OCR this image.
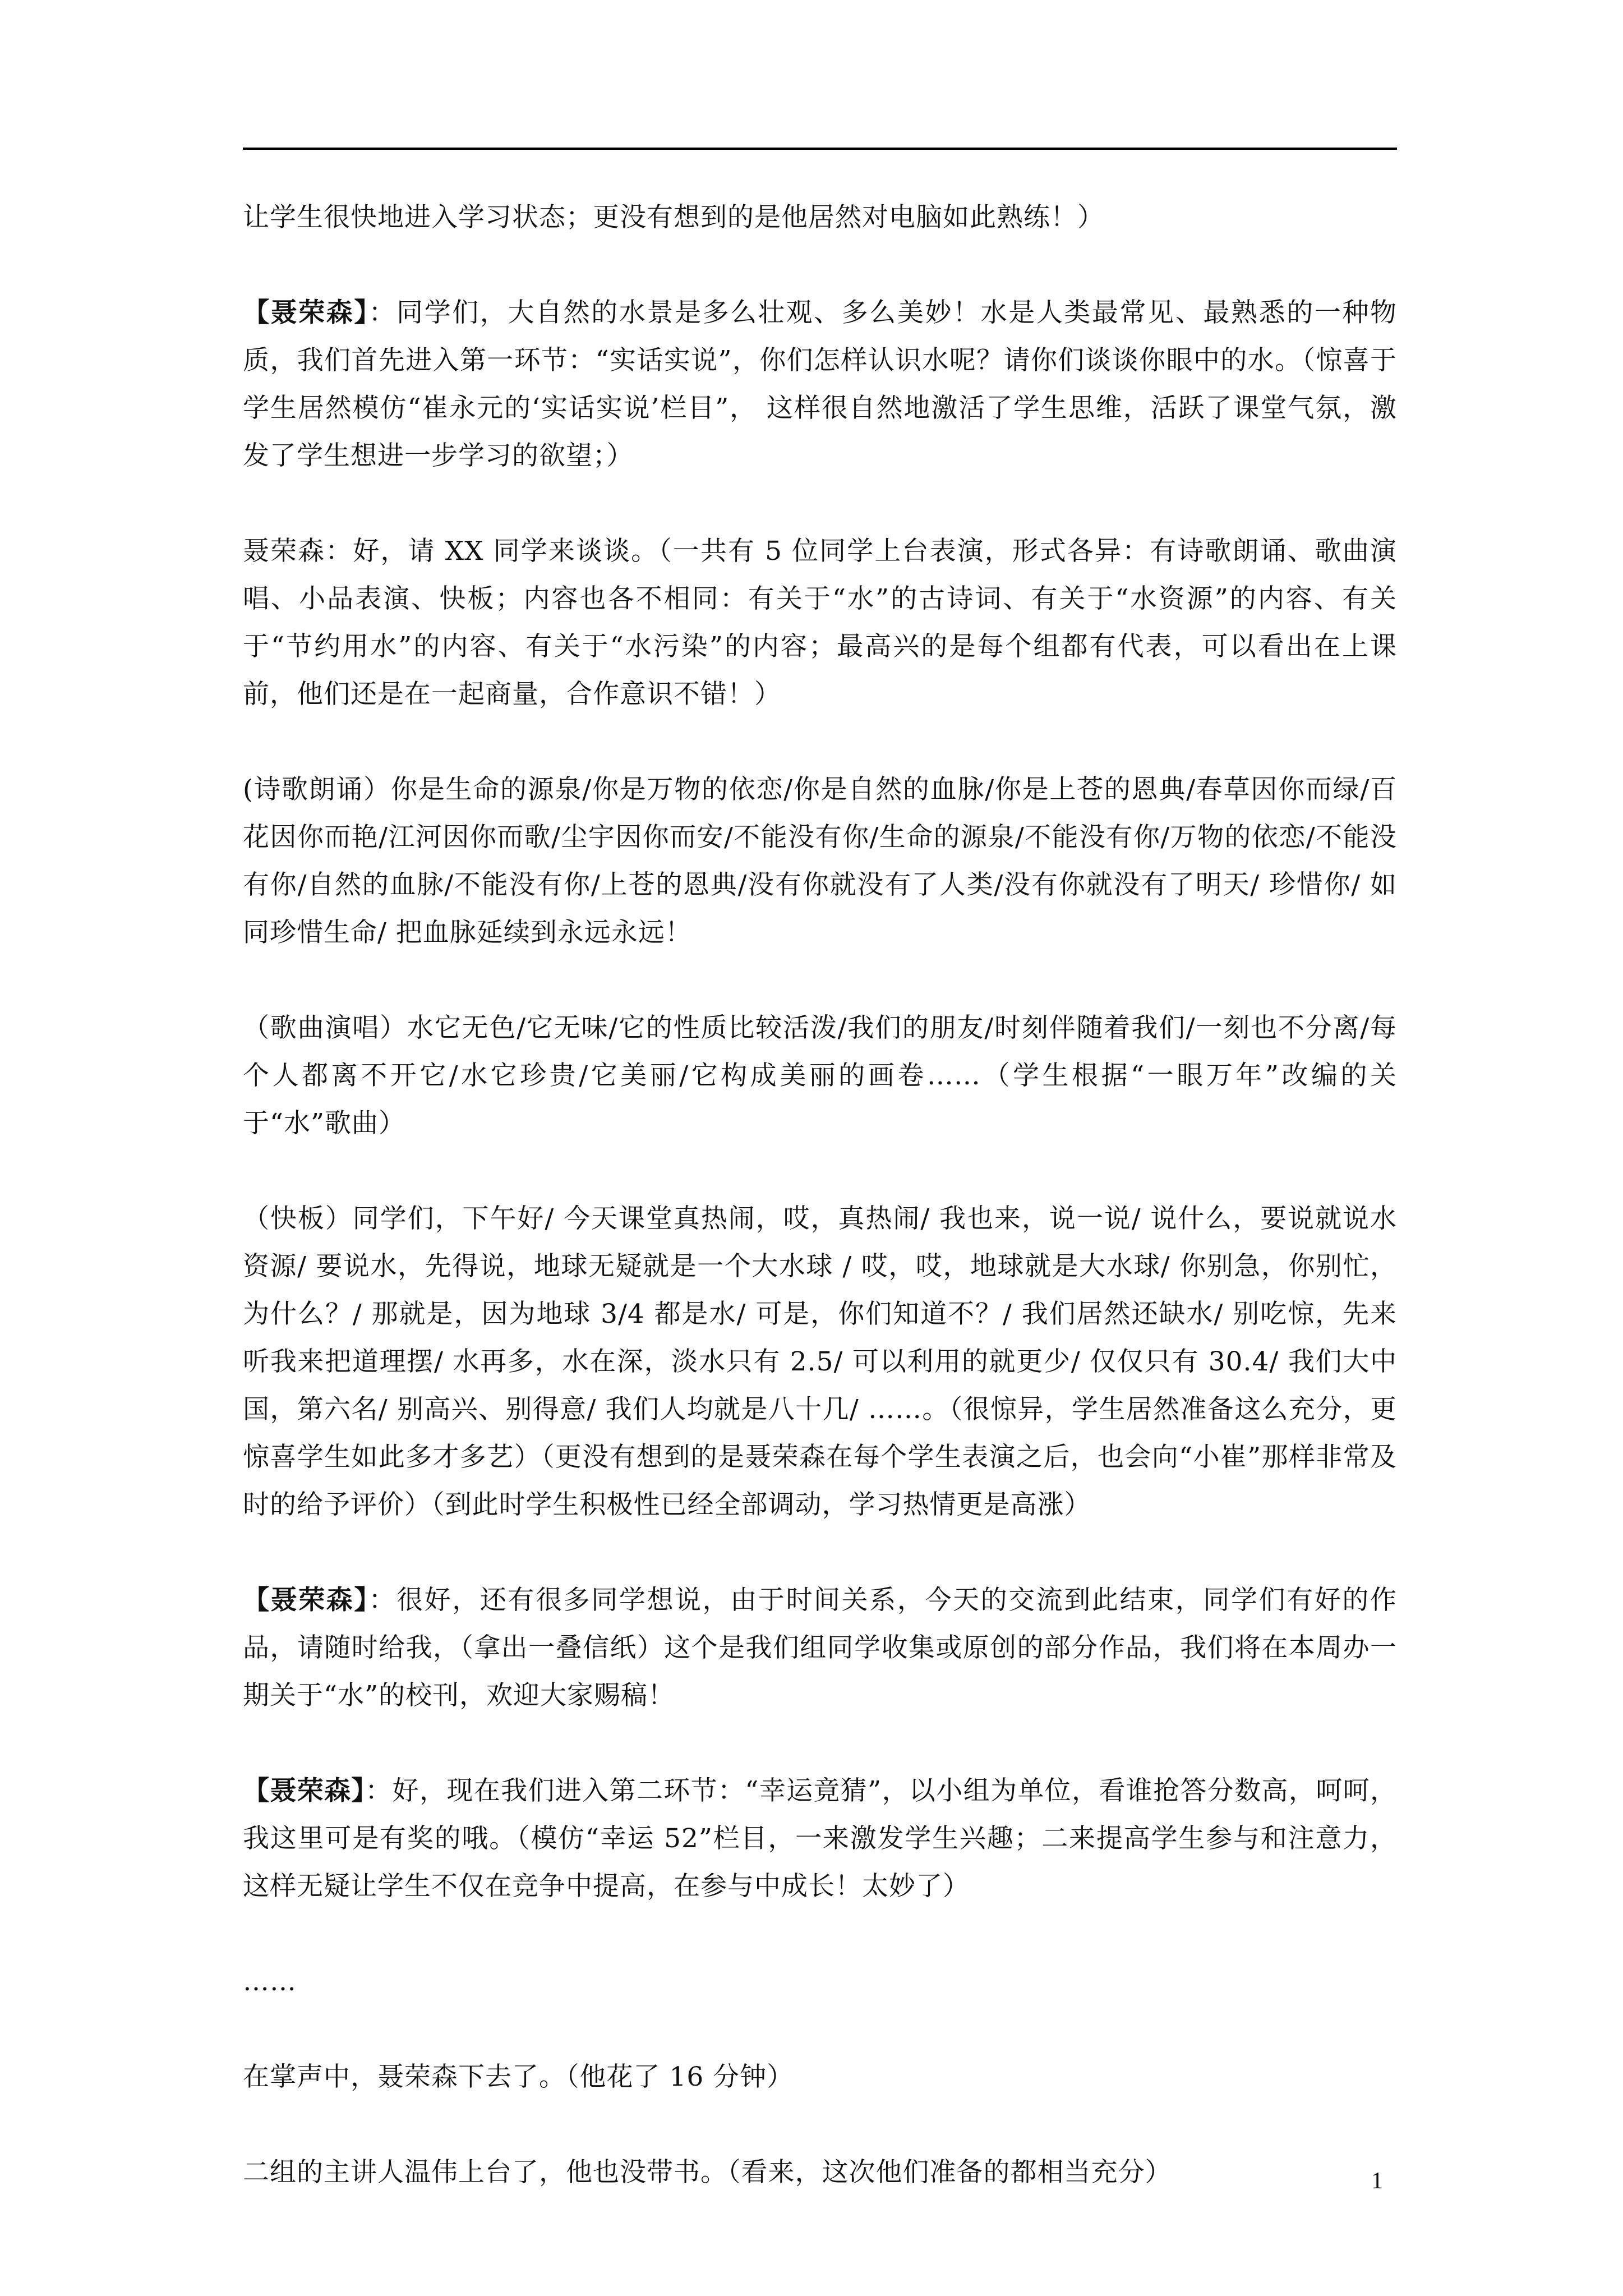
让学生很快地进入学习状态；更没有想到的是他居然对电脑如此熟练！）

【聂荣森】：同学们，大自然的水景是多么壮观、多么美妙！水是人类最常见、最熟悉的一种物质，我们首先进入第一环节：“实话实说”，你们怎样认识水呢？请你们谈谈你眼中的水。（惊喜于学生居然模仿“崔永元的‘实话实说’栏目”， 这样很自然地激活了学生思维，活跃了课堂气氛，激发了学生想进一步学习的欲望；）

聂荣森：好，请 XX 同学来谈谈。（一共有 5 位同学上台表演，形式各异：有诗歌朗诵、歌曲演唱、小品表演、快板；内容也各不相同：有关于“水”的古诗词、有关于“水资源”的内容、有关于“节约用水”的内容、有关于“水污染”的内容；最高兴的是每个组都有代表，可以看出在上课前，他们还是在一起商量，合作意识不错！）

(诗歌朗诵）你是生命的源泉/你是万物的依恋/你是自然的血脉/你是上苍的恩典/春草因你而绿/百花因你而艳/江河因你而歌/尘宇因你而安/不能没有你/生命的源泉/不能没有你/万物的依恋/不能没有你/自然的血脉/不能没有你/上苍的恩典/没有你就没有了人类/没有你就没有了明天/ 珍惜你/ 如同珍惜生命/ 把血脉延续到永远永远！

（歌曲演唱）水它无色/它无味/它的性质比较活泼/我们的朋友/时刻伴随着我们/一刻也不分离/每个人都离不开它/水它珍贵/它美丽/它构成美丽的画卷……（学生根据“一眼万年”改编的关于“水”歌曲）

（快板）同学们，下午好/ 今天课堂真热闹，哎，真热闹/ 我也来，说一说/ 说什么，要说就说水资源/ 要说水，先得说，地球无疑就是一个大水球 / 哎，哎，地球就是大水球/ 你别急，你别忙，为什么？/ 那就是，因为地球 3/4 都是水/ 可是，你们知道不？/ 我们居然还缺水/ 别吃惊，先来听我来把道理摆/ 水再多，水在深，淡水只有 2.5/ 可以利用的就更少/ 仅仅只有 30.4/ 我们大中国，第六名/ 别高兴、别得意/ 我们人均就是八十几/ ……。（很惊异，学生居然准备这么充分，更惊喜学生如此多才多艺）（更没有想到的是聂荣森在每个学生表演之后，也会向“小崔”那样非常及时的给予评价）（到此时学生积极性已经全部调动，学习热情更是高涨）

【聂荣森】：很好，还有很多同学想说，由于时间关系，今天的交流到此结束，同学们有好的作品，请随时给我，（拿出一叠信纸）这个是我们组同学收集或原创的部分作品，我们将在本周办一期关于“水”的校刊，欢迎大家赐稿！

【聂荣森】：好，现在我们进入第二环节：“幸运竟猜”，以小组为单位，看谁抢答分数高，呵呵，我这里可是有奖的哦。（模仿“幸运 52”栏目，一来激发学生兴趣；二来提高学生参与和注意力，这样无疑让学生不仅在竞争中提高，在参与中成长！太妙了）

……

在掌声中，聂荣森下去了。（他花了 16 分钟）

二组的主讲人温伟上台了，他也没带书。（看来，这次他们准备的都相当充分）	1
